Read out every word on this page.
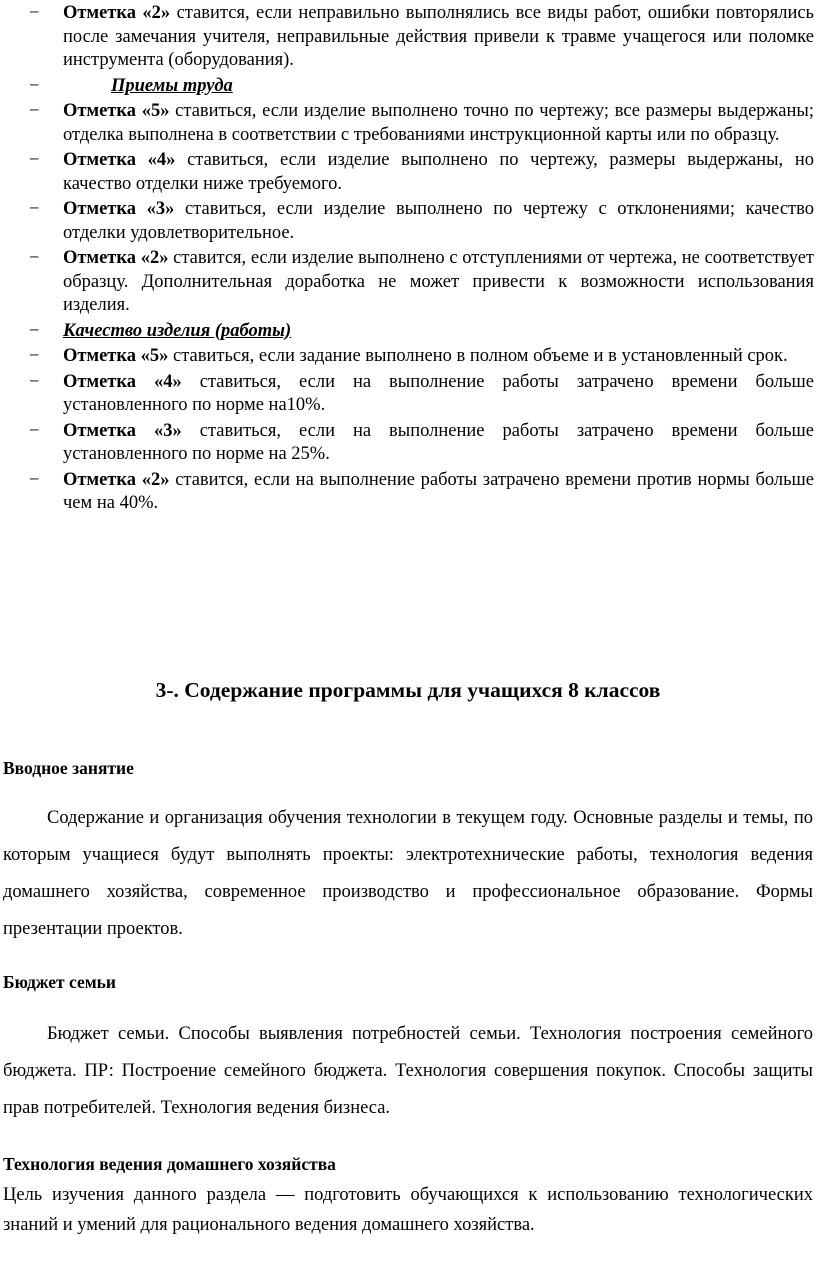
− Отметка «2» ставится, если неправильно выполнялись все виды работ, ошибки повторялись после замечания учителя, неправильные действия привели к травме учащегося или поломке инструмента (оборудования).
−	Приемы труда
− Отметка «5» ставиться, если изделие выполнено точно по чертежу; все размеры выдержаны; отделка выполнена в соответствии с требованиями инструкционной карты или по образцу.
− Отметка «4» ставиться, если изделие выполнено по чертежу, размеры выдержаны, но качество отделки ниже требуемого.
− Отметка «3» ставиться, если изделие выполнено по чертежу с отклонениями; качество отделки удовлетворительное.
− Отметка «2» ставится, если изделие выполнено с отступлениями от чертежа, не соответствует образцу. Дополнительная доработка не может привести к возможности использования изделия.
− Качество изделия (работы)
− Отметка «5» ставиться, если задание выполнено в полном объеме и в установленный срок.
− Отметка «4» ставиться, если на выполнение работы затрачено времени больше установленного по норме на10%.
− Отметка «3» ставиться, если на выполнение работы затрачено времени больше установленного по норме на 25%.
− Отметка «2» ставится, если на выполнение работы затрачено времени против нормы больше чем на 40%.
3-. Содержание программы для учащихся 8 классов
Вводное занятие

Содержание и организация обучения технологии в текущем году. Основные разделы и темы, по которым учащиеся будут выполнять проекты: электротехнические работы, технология ведения домашнего хозяйства, современное производство и профессиональное образование. Формы презентации проектов.

Бюджет семьи

Бюджет семьи. Способы выявления потребностей семьи. Технология построения семейного бюджета. ПР: Построение семейного бюджета. Технология совершения покупок. Способы защиты прав потребителей. Технология ведения бизнеса.

Технология ведения домашнего хозяйства

Цель изучения данного раздела — подготовить обучающихся к использованию технологических знаний и умений для рационального ведения домашнего хозяйства.
